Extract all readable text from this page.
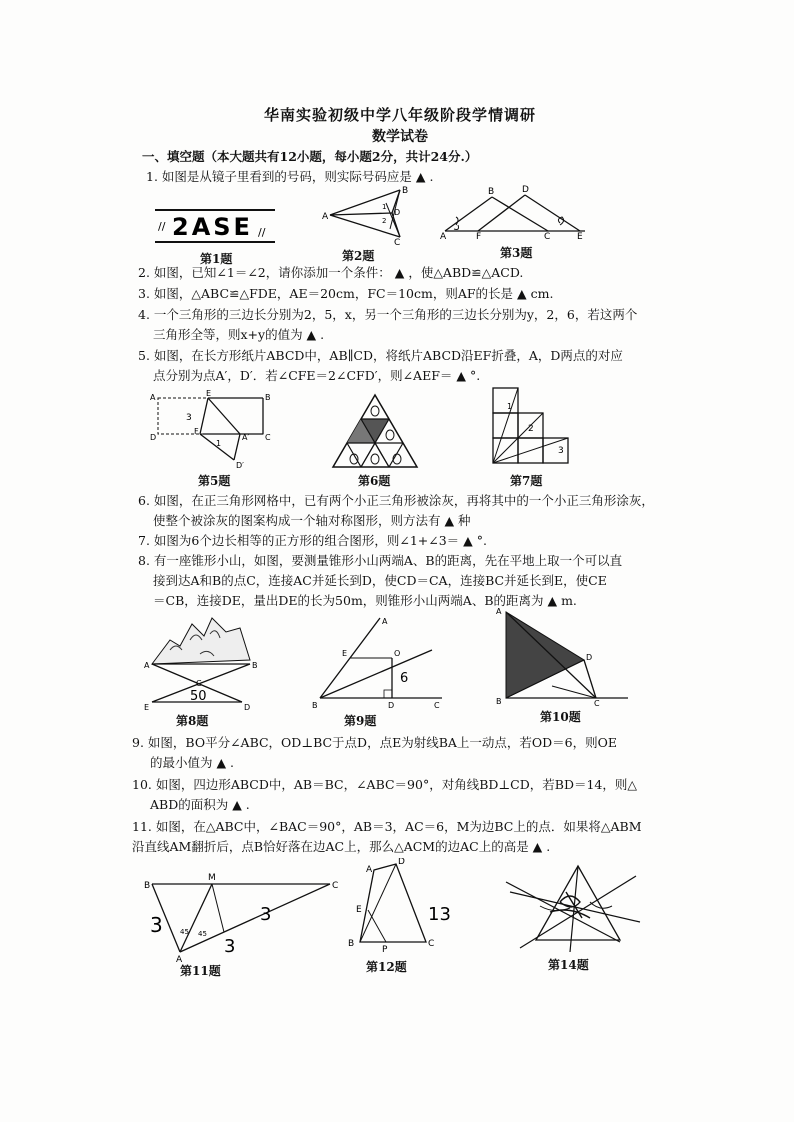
华南实验初级中学八年级阶段学情调研
数学试卷
一、填空题（本大题共有12小题，每小题2分，共计24分.）
1. 如图是从镜子里看到的号码，则实际号码应是 ▲ .
// 2ASE //
第1题
A
B
C
D
1
2
第2题
A
B
C
D
E
F
第3题
2. 如图，已知∠1＝∠2，请你添加一个条件： ▲ ，使△ABD≌△ACD.
3. 如图，△ABC≌△FDE，AE＝20cm，FC＝10cm，则AF的长是 ▲ cm.
4. 一个三角形的三边长分别为2，5，x，另一个三角形的三边长分别为y，2，6，若这两个
三角形全等，则x+y的值为 ▲ .
5. 如图，在长方形纸片ABCD中，AB∥CD，将纸片ABCD沿EF折叠，A，D两点的对应
点分别为点A′，D′．若∠CFE＝2∠CFD′，则∠AEF＝ ▲ °.
A	B
D	C
E
F
A′
D′
3
1
第5题	第6题
1
2
3
第7题
6. 如图，在正三角形网格中，已有两个小正三角形被涂灰，再将其中的一个小正三角形涂灰，
使整个被涂灰的图案构成一个轴对称图形，则方法有 ▲ 种
7. 如图为6个边长相等的正方形的组合图形，则∠1+∠3＝ ▲ °.
8. 有一座锥形小山，如图，要测量锥形小山两端A、B的距离，先在平地上取一个可以直
接到达A和B的点C，连接AC并延长到D，使CD＝CA，连接BC并延长到E，使CE
＝CB，连接DE，量出DE的长为50m，则锥形小山两端A、B的距离为 ▲ m.
A	B
C
E	D
50
第8题
B
A
E	O
D	C
6
第9题
A
D
C
B
第10题
9. 如图，BO平分∠ABC，OD⊥BC于点D，点E为射线BA上一动点，若OD＝6，则OE
的最小值为 ▲ .
10. 如图，四边形ABCD中，AB＝BC，∠ABC＝90°，对角线BD⊥CD，若BD＝14，则△
ABD的面积为 ▲ .
11. 如图，在△ABC中，∠BAC＝90°，AB＝3，AC＝6，M为边BC上的点．如果将△ABM
沿直线AM翻折后，点B恰好落在边AC上，那么△ACM的边AC上的高是 ▲ .
B
M
C
A
3
3
3
45 45
第11题
D
A
B	C
E
P
13
第12题	第14题
